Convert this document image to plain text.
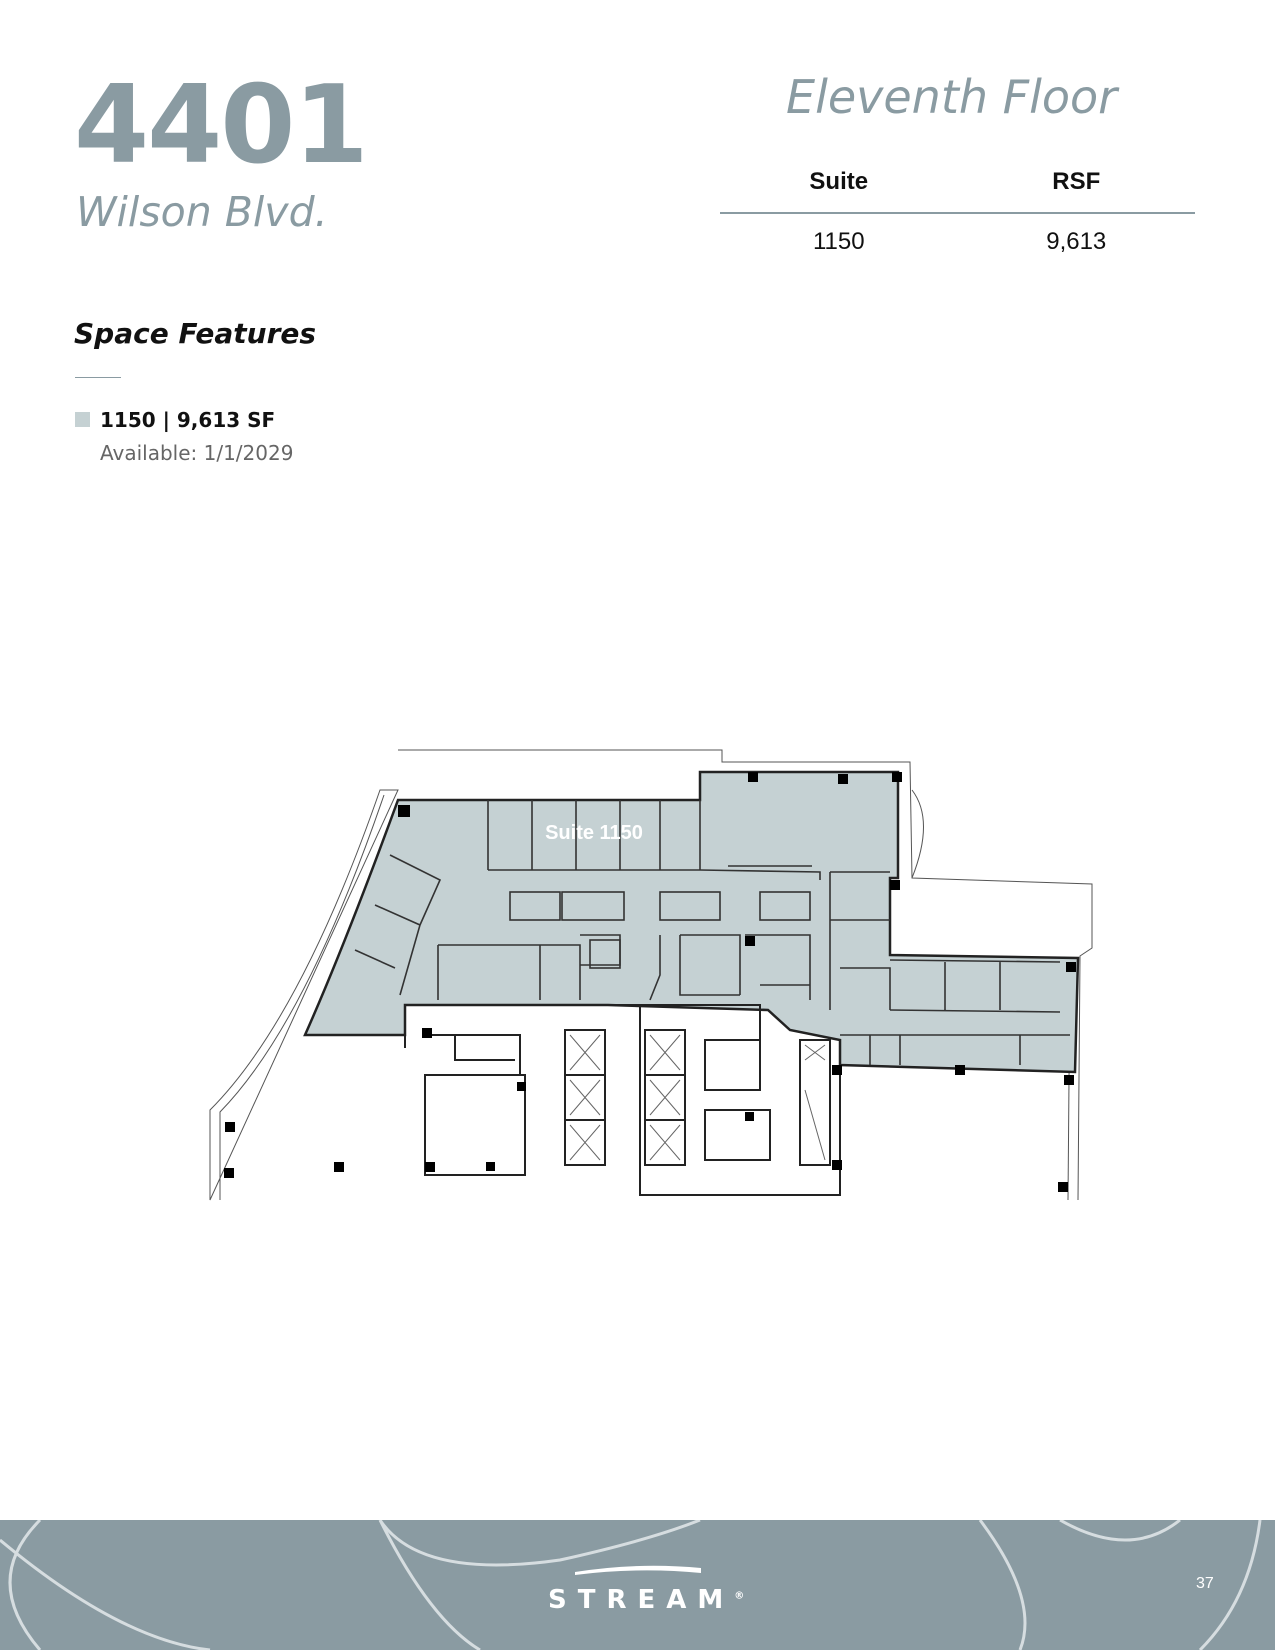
4401
Wilson Blvd.
Eleventh Floor
Suite	RSF
1150	9,613
Space Features
1150 | 9,613 SF
Available: 1/1/2029
Suite 1150
STREAM®
37
